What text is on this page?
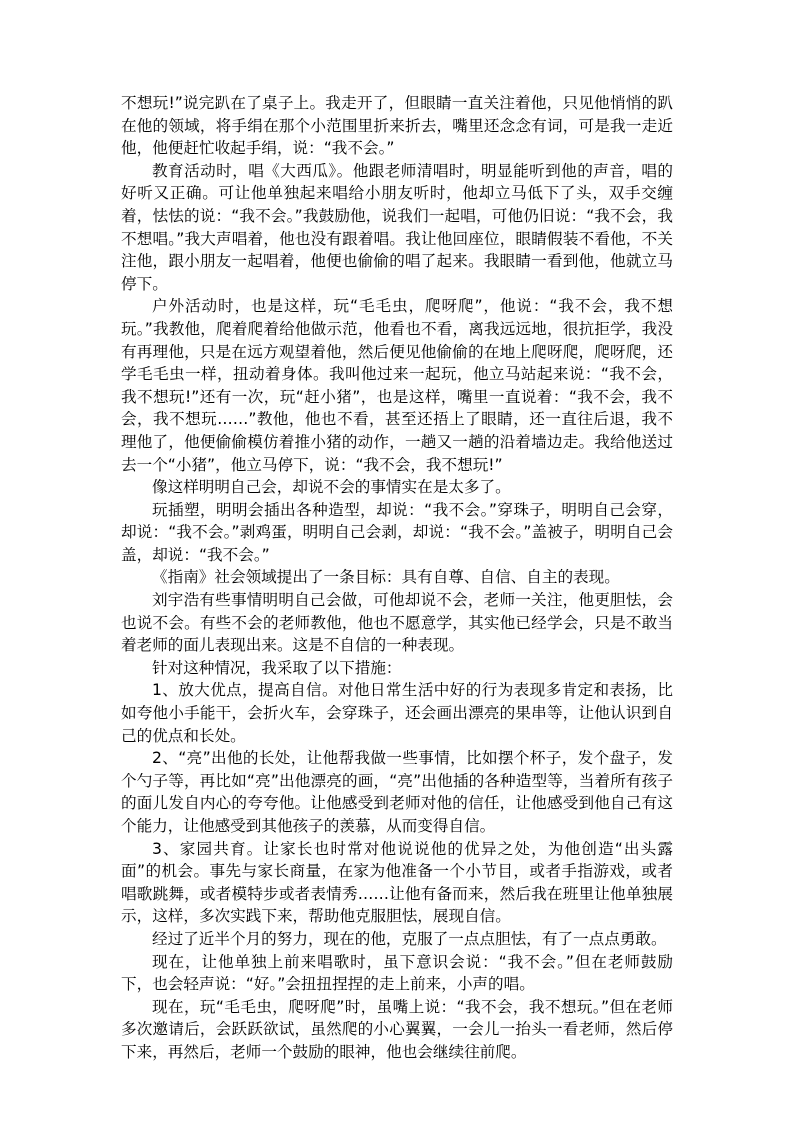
不想玩!”说完趴在了桌子上。我走开了，但眼睛一直关注着他，只见他悄悄的趴在他的领域，将手绢在那个小范围里折来折去，嘴里还念念有词，可是我一走近他，他便赶忙收起手绢，说：“我不会。”

教育活动时，唱《大西瓜》。他跟老师清唱时，明显能听到他的声音，唱的好听又正确。可让他单独起来唱给小朋友听时，他却立马低下了头，双手交缠着，怯怯的说：“我不会。”我鼓励他，说我们一起唱，可他仍旧说：“我不会，我不想唱。”我大声唱着，他也没有跟着唱。我让他回座位，眼睛假装不看他，不关注他，跟小朋友一起唱着，他便也偷偷的唱了起来。我眼睛一看到他，他就立马停下。

户外活动时，也是这样，玩“毛毛虫，爬呀爬”，他说：“我不会，我不想玩。”我教他，爬着爬着给他做示范，他看也不看，离我远远地，很抗拒学，我没有再理他，只是在远方观望着他，然后便见他偷偷的在地上爬呀爬，爬呀爬，还学毛毛虫一样，扭动着身体。我叫他过来一起玩，他立马站起来说：“我不会，我不想玩!”还有一次，玩“赶小猪”，也是这样，嘴里一直说着：“我不会，我不会，我不想玩……”教他，他也不看，甚至还捂上了眼睛，还一直往后退，我不理他了，他便偷偷模仿着推小猪的动作，一趟又一趟的沿着墙边走。我给他送过去一个“小猪”，他立马停下，说：“我不会，我不想玩!”

像这样明明自己会，却说不会的事情实在是太多了。

玩插塑，明明会插出各种造型，却说：“我不会。”穿珠子，明明自己会穿，却说：“我不会。”剥鸡蛋，明明自己会剥，却说：“我不会。”盖被子，明明自己会盖，却说：“我不会。”

《指南》社会领域提出了一条目标：具有自尊、自信、自主的表现。

刘宇浩有些事情明明自己会做，可他却说不会，老师一关注，他更胆怯，会也说不会。有些不会的老师教他，他也不愿意学，其实他已经学会，只是不敢当着老师的面儿表现出来。这是不自信的一种表现。

针对这种情况，我采取了以下措施：

1、放大优点，提高自信。对他日常生活中好的行为表现多肯定和表扬，比如夸他小手能干，会折火车，会穿珠子，还会画出漂亮的果串等，让他认识到自己的优点和长处。

2、“亮”出他的长处，让他帮我做一些事情，比如摆个杯子，发个盘子，发个勺子等，再比如“亮”出他漂亮的画，“亮”出他插的各种造型等，当着所有孩子的面儿发自内心的夸夸他。让他感受到老师对他的信任，让他感受到他自己有这个能力，让他感受到其他孩子的羡慕，从而变得自信。

3、家园共育。让家长也时常对他说说他的优异之处，为他创造“出头露面”的机会。事先与家长商量，在家为他准备一个小节目，或者手指游戏，或者唱歌跳舞，或者模特步或者表情秀……让他有备而来，然后我在班里让他单独展示，这样，多次实践下来，帮助他克服胆怯，展现自信。

经过了近半个月的努力，现在的他，克服了一点点胆怯，有了一点点勇敢。

现在，让他单独上前来唱歌时，虽下意识会说：“我不会。”但在老师鼓励下，也会轻声说：“好。”会扭扭捏捏的走上前来，小声的唱。

现在，玩“毛毛虫，爬呀爬”时，虽嘴上说：“我不会，我不想玩。”但在老师多次邀请后，会跃跃欲试，虽然爬的小心翼翼，一会儿一抬头一看老师，然后停下来，再然后，老师一个鼓励的眼神，他也会继续往前爬。
